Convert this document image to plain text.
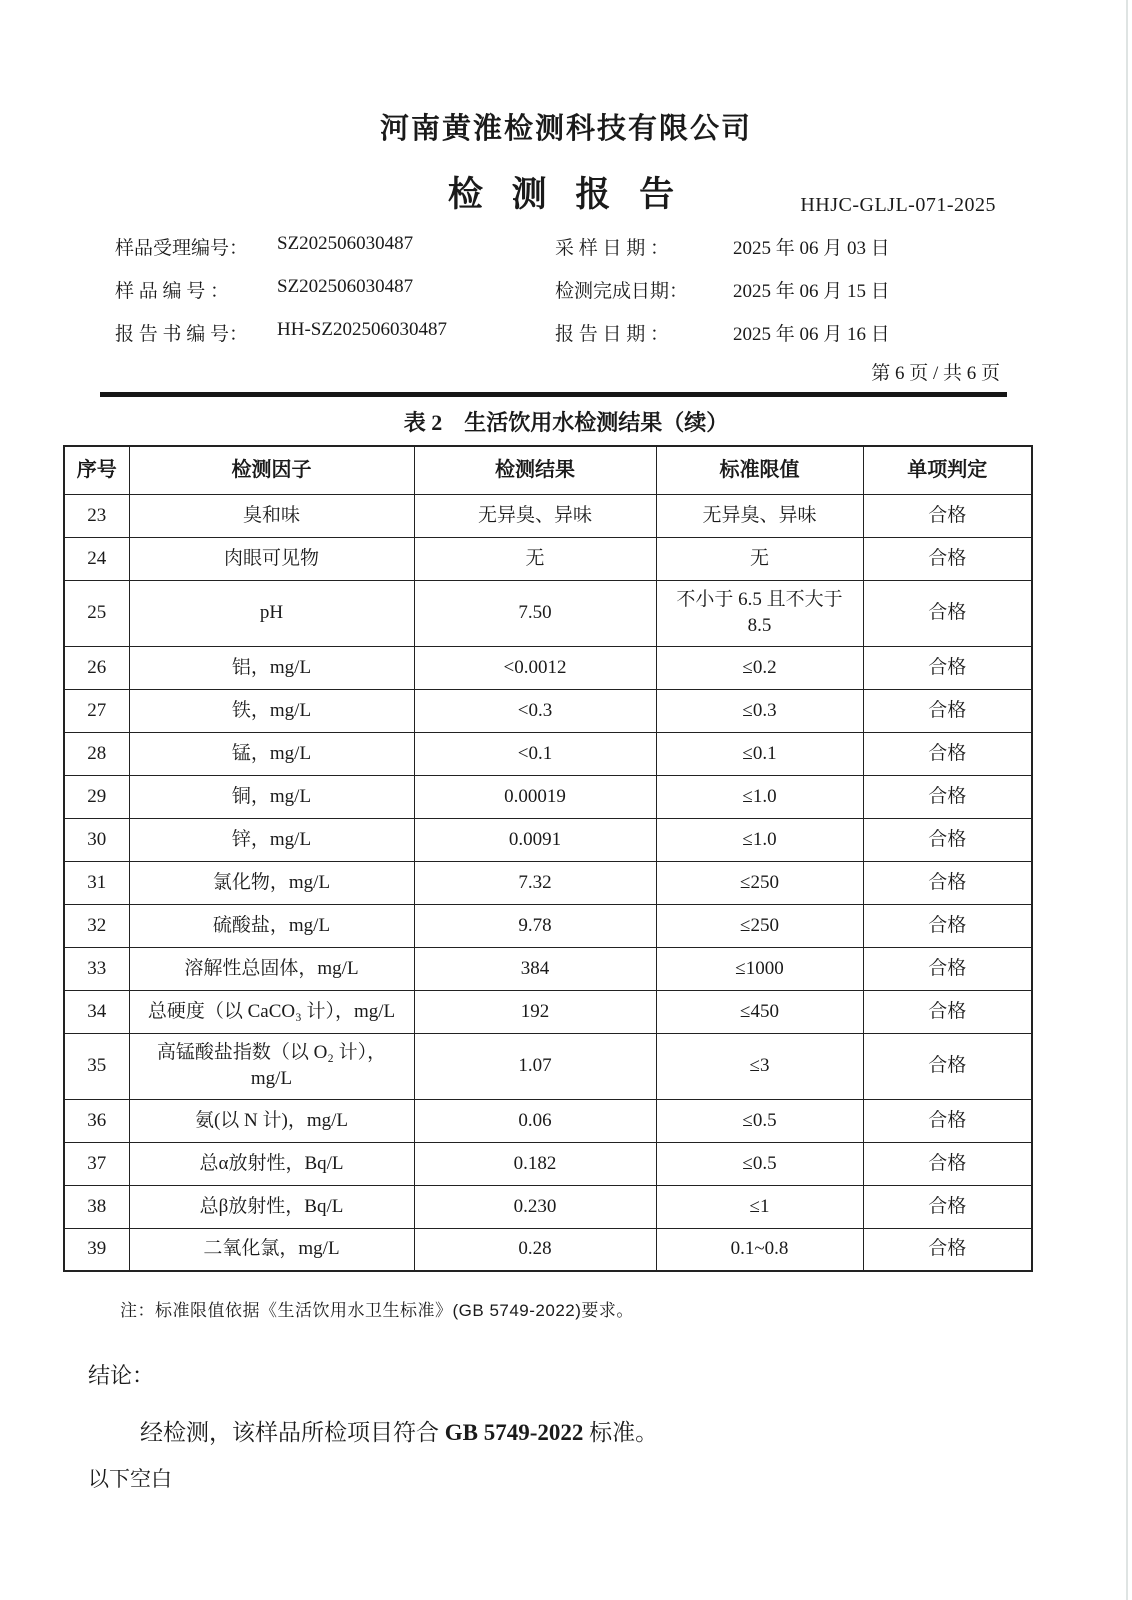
河南黄淮检测科技有限公司
检 测 报 告	HHJC-GLJL-071-2025
样品受理编号：	SZ202506030487	采 样 日 期 ：	2025 年 06 月 03 日
样 品 编 号 ：	SZ202506030487	检测完成日期：	2025 年 06 月 15 日
报 告 书 编 号：	HH-SZ202506030487	报 告 日 期 ：	2025 年 06 月 16 日
第 6 页 / 共 6 页
表 2　生活饮用水检测结果（续）
序号	检测因子	检测结果	标准限值	单项判定
23	臭和味	无异臭、异味	无异臭、异味	合格
24	肉眼可见物	无	无	合格
25	pH	7.50	不小于 6.5 且不大于 8.5	合格
26	铝，mg/L	<0.0012	≤0.2	合格
27	铁，mg/L	<0.3	≤0.3	合格
28	锰，mg/L	<0.1	≤0.1	合格
29	铜，mg/L	0.00019	≤1.0	合格
30	锌，mg/L	0.0091	≤1.0	合格
31	氯化物，mg/L	7.32	≤250	合格
32	硫酸盐，mg/L	9.78	≤250	合格
33	溶解性总固体，mg/L	384	≤1000	合格
34	总硬度（以 CaCO₃ 计），mg/L	192	≤450	合格
35	高锰酸盐指数（以 O₂ 计）， mg/L	1.07	≤3	合格
36	氨(以 N 计)，mg/L	0.06	≤0.5	合格
37	总α放射性，Bq/L	0.182	≤0.5	合格
38	总β放射性，Bq/L	0.230	≤1	合格
39	二氧化氯，mg/L	0.28	0.1~0.8	合格
注：标准限值依据《生活饮用水卫生标准》(GB 5749-2022)要求。
结论：
经检测，该样品所检项目符合 GB 5749-2022 标准。
以下空白
